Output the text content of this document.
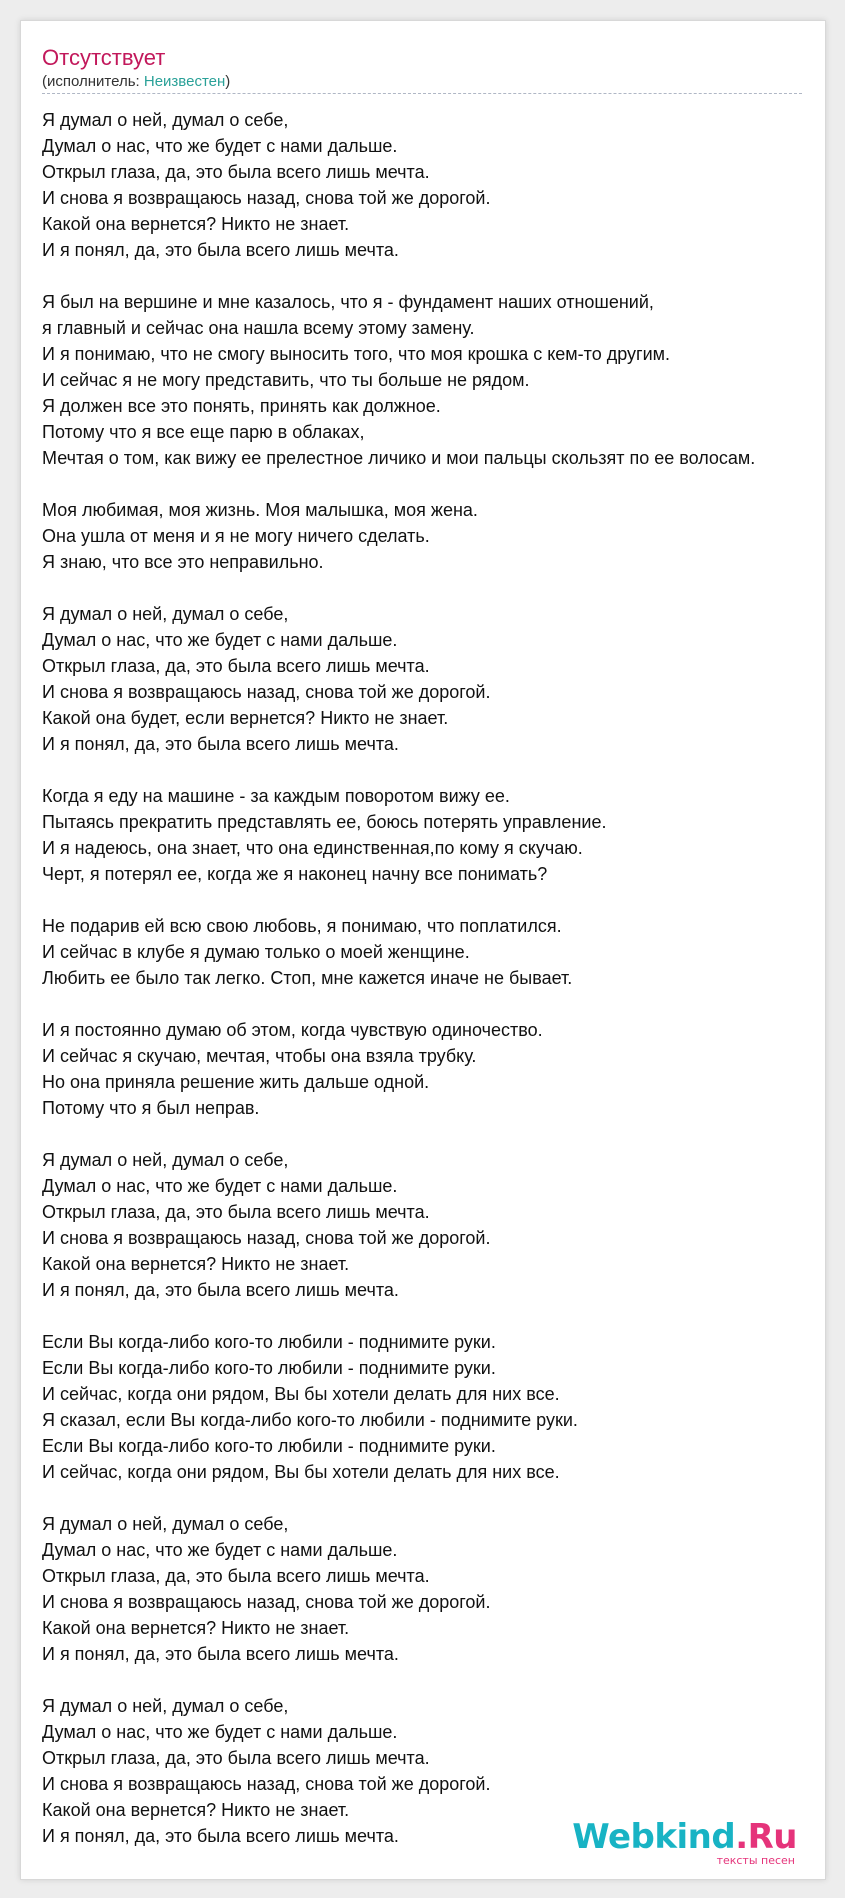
Отсутствует
(исполнитель: Неизвестен)
Я думал о ней, думал о себе,
Думал о нас, что же будет с нами дальше.
Открыл глаза, да, это была всего лишь мечта.
И снова я возвращаюсь назад, снова той же дорогой.
Какой она вернется? Никто не знает.
И я понял, да, это была всего лишь мечта.

Я был на вершине и мне казалось, что я - фундамент наших отношений,
я главный и сейчас она нашла всему этому замену.
И я понимаю, что не смогу выносить того, что моя крошка с кем-то другим.
И сейчас я не могу представить, что ты больше не рядом.
Я должен все это понять, принять как должное.
Потому что я все еще парю в облаках,
Мечтая о том, как вижу ее прелестное личико и мои пальцы скользят по ее волосам.

Моя любимая, моя жизнь. Моя малышка, моя жена.
Она ушла от меня и я не могу ничего сделать.
Я знаю, что все это неправильно.

Я думал о ней, думал о себе,
Думал о нас, что же будет с нами дальше.
Открыл глаза, да, это была всего лишь мечта.
И снова я возвращаюсь назад, снова той же дорогой.
Какой она будет, если вернется? Никто не знает.
И я понял, да, это была всего лишь мечта.

Когда я еду на машине - за каждым поворотом вижу ее.
Пытаясь прекратить представлять ее, боюсь потерять управление.
И я надеюсь, она знает, что она единственная,по кому я скучаю.
Черт, я потерял ее, когда же я наконец начну все понимать?

Не подарив ей всю свою любовь, я понимаю, что поплатился.
И сейчас в клубе я думаю только о моей женщине.
Любить ее было так легко. Стоп, мне кажется иначе не бывает.

И я постоянно думаю об этом, когда чувствую одиночество.
И сейчас я скучаю, мечтая, чтобы она взяла трубку.
Но она приняла решение жить дальше одной.
Потому что я был неправ.

Я думал о ней, думал о себе,
Думал о нас, что же будет с нами дальше.
Открыл глаза, да, это была всего лишь мечта.
И снова я возвращаюсь назад, снова той же дорогой.
Какой она вернется? Никто не знает.
И я понял, да, это была всего лишь мечта.

Если Вы когда-либо кого-то любили - поднимите руки.
Если Вы когда-либо кого-то любили - поднимите руки.
И сейчас, когда они рядом, Вы бы хотели делать для них все.
Я сказал, если Вы когда-либо кого-то любили - поднимите руки.
Если Вы когда-либо кого-то любили - поднимите руки.
И сейчас, когда они рядом, Вы бы хотели делать для них все.

Я думал о ней, думал о себе,
Думал о нас, что же будет с нами дальше.
Открыл глаза, да, это была всего лишь мечта.
И снова я возвращаюсь назад, снова той же дорогой.
Какой она вернется? Никто не знает.
И я понял, да, это была всего лишь мечта.

Я думал о ней, думал о себе,
Думал о нас, что же будет с нами дальше.
Открыл глаза, да, это была всего лишь мечта.
И снова я возвращаюсь назад, снова той же дорогой.
Какой она вернется? Никто не знает.
И я понял, да, это была всего лишь мечта.	Webkind.Ru
тексты песен
